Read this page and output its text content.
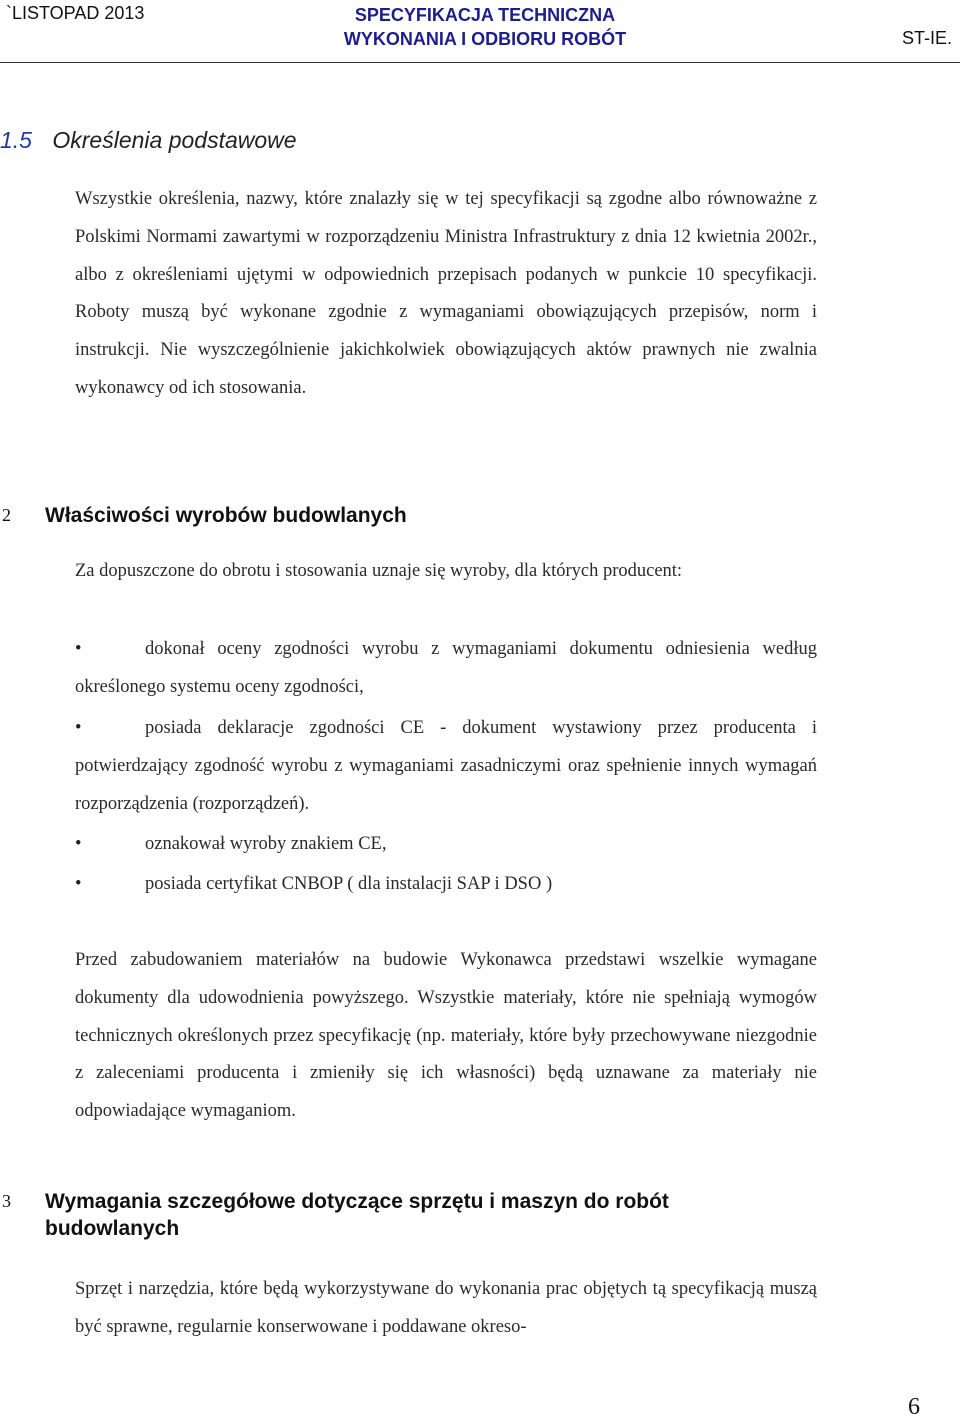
`LISTOPAD 2013	SPECYFIKACJA TECHNICZNA
WYKONANIA I ODBIORU ROBÓT	ST-IE.
1.5 Określenia podstawowe

Wszystkie określenia, nazwy, które znalazły się w tej specyfikacji są zgodne albo równoważne z Polskimi Normami zawartymi w rozporządzeniu Ministra Infrastruktury z dnia 12 kwietnia 2002r., albo z określeniami ujętymi w odpowiednich przepisach podanych w punkcie 10 specyfikacji. Roboty muszą być wykonane zgodnie z wymaganiami obowiązujących przepisów, norm i instrukcji. Nie wyszczególnienie jakichkolwiek obowiązujących aktów prawnych nie zwalnia wykonawcy od ich stosowania.

2 Właściwości wyrobów budowlanych

Za dopuszczone do obrotu i stosowania uznaje się wyroby, dla których producent:

•	dokonał oceny zgodności wyrobu z wymaganiami dokumentu odniesienia według określonego systemu oceny zgodności,

•	posiada deklaracje zgodności CE - dokument wystawiony przez producenta i potwierdzający zgodność wyrobu z wymaganiami zasadniczymi oraz spełnienie innych wymagań rozporządzenia (rozporządzeń).

•	oznakował wyroby znakiem CE,

•	posiada certyfikat CNBOP ( dla instalacji SAP i DSO )

Przed zabudowaniem materiałów na budowie Wykonawca przedstawi wszelkie wymagane dokumenty dla udowodnienia powyższego. Wszystkie materiały, które nie spełniają wymogów technicznych określonych przez specyfikację (np. materiały, które były przechowywane niezgodnie z zaleceniami producenta i zmieniły się ich własności) będą uznawane za materiały nie odpowiadające wymaganiom.

3 Wymagania szczegółowe dotyczące sprzętu i maszyn do robót budowlanych

Sprzęt i narzędzia, które będą wykorzystywane do wykonania prac objętych tą specyfikacją muszą być sprawne, regularnie konserwowane i poddawane okreso-

6
